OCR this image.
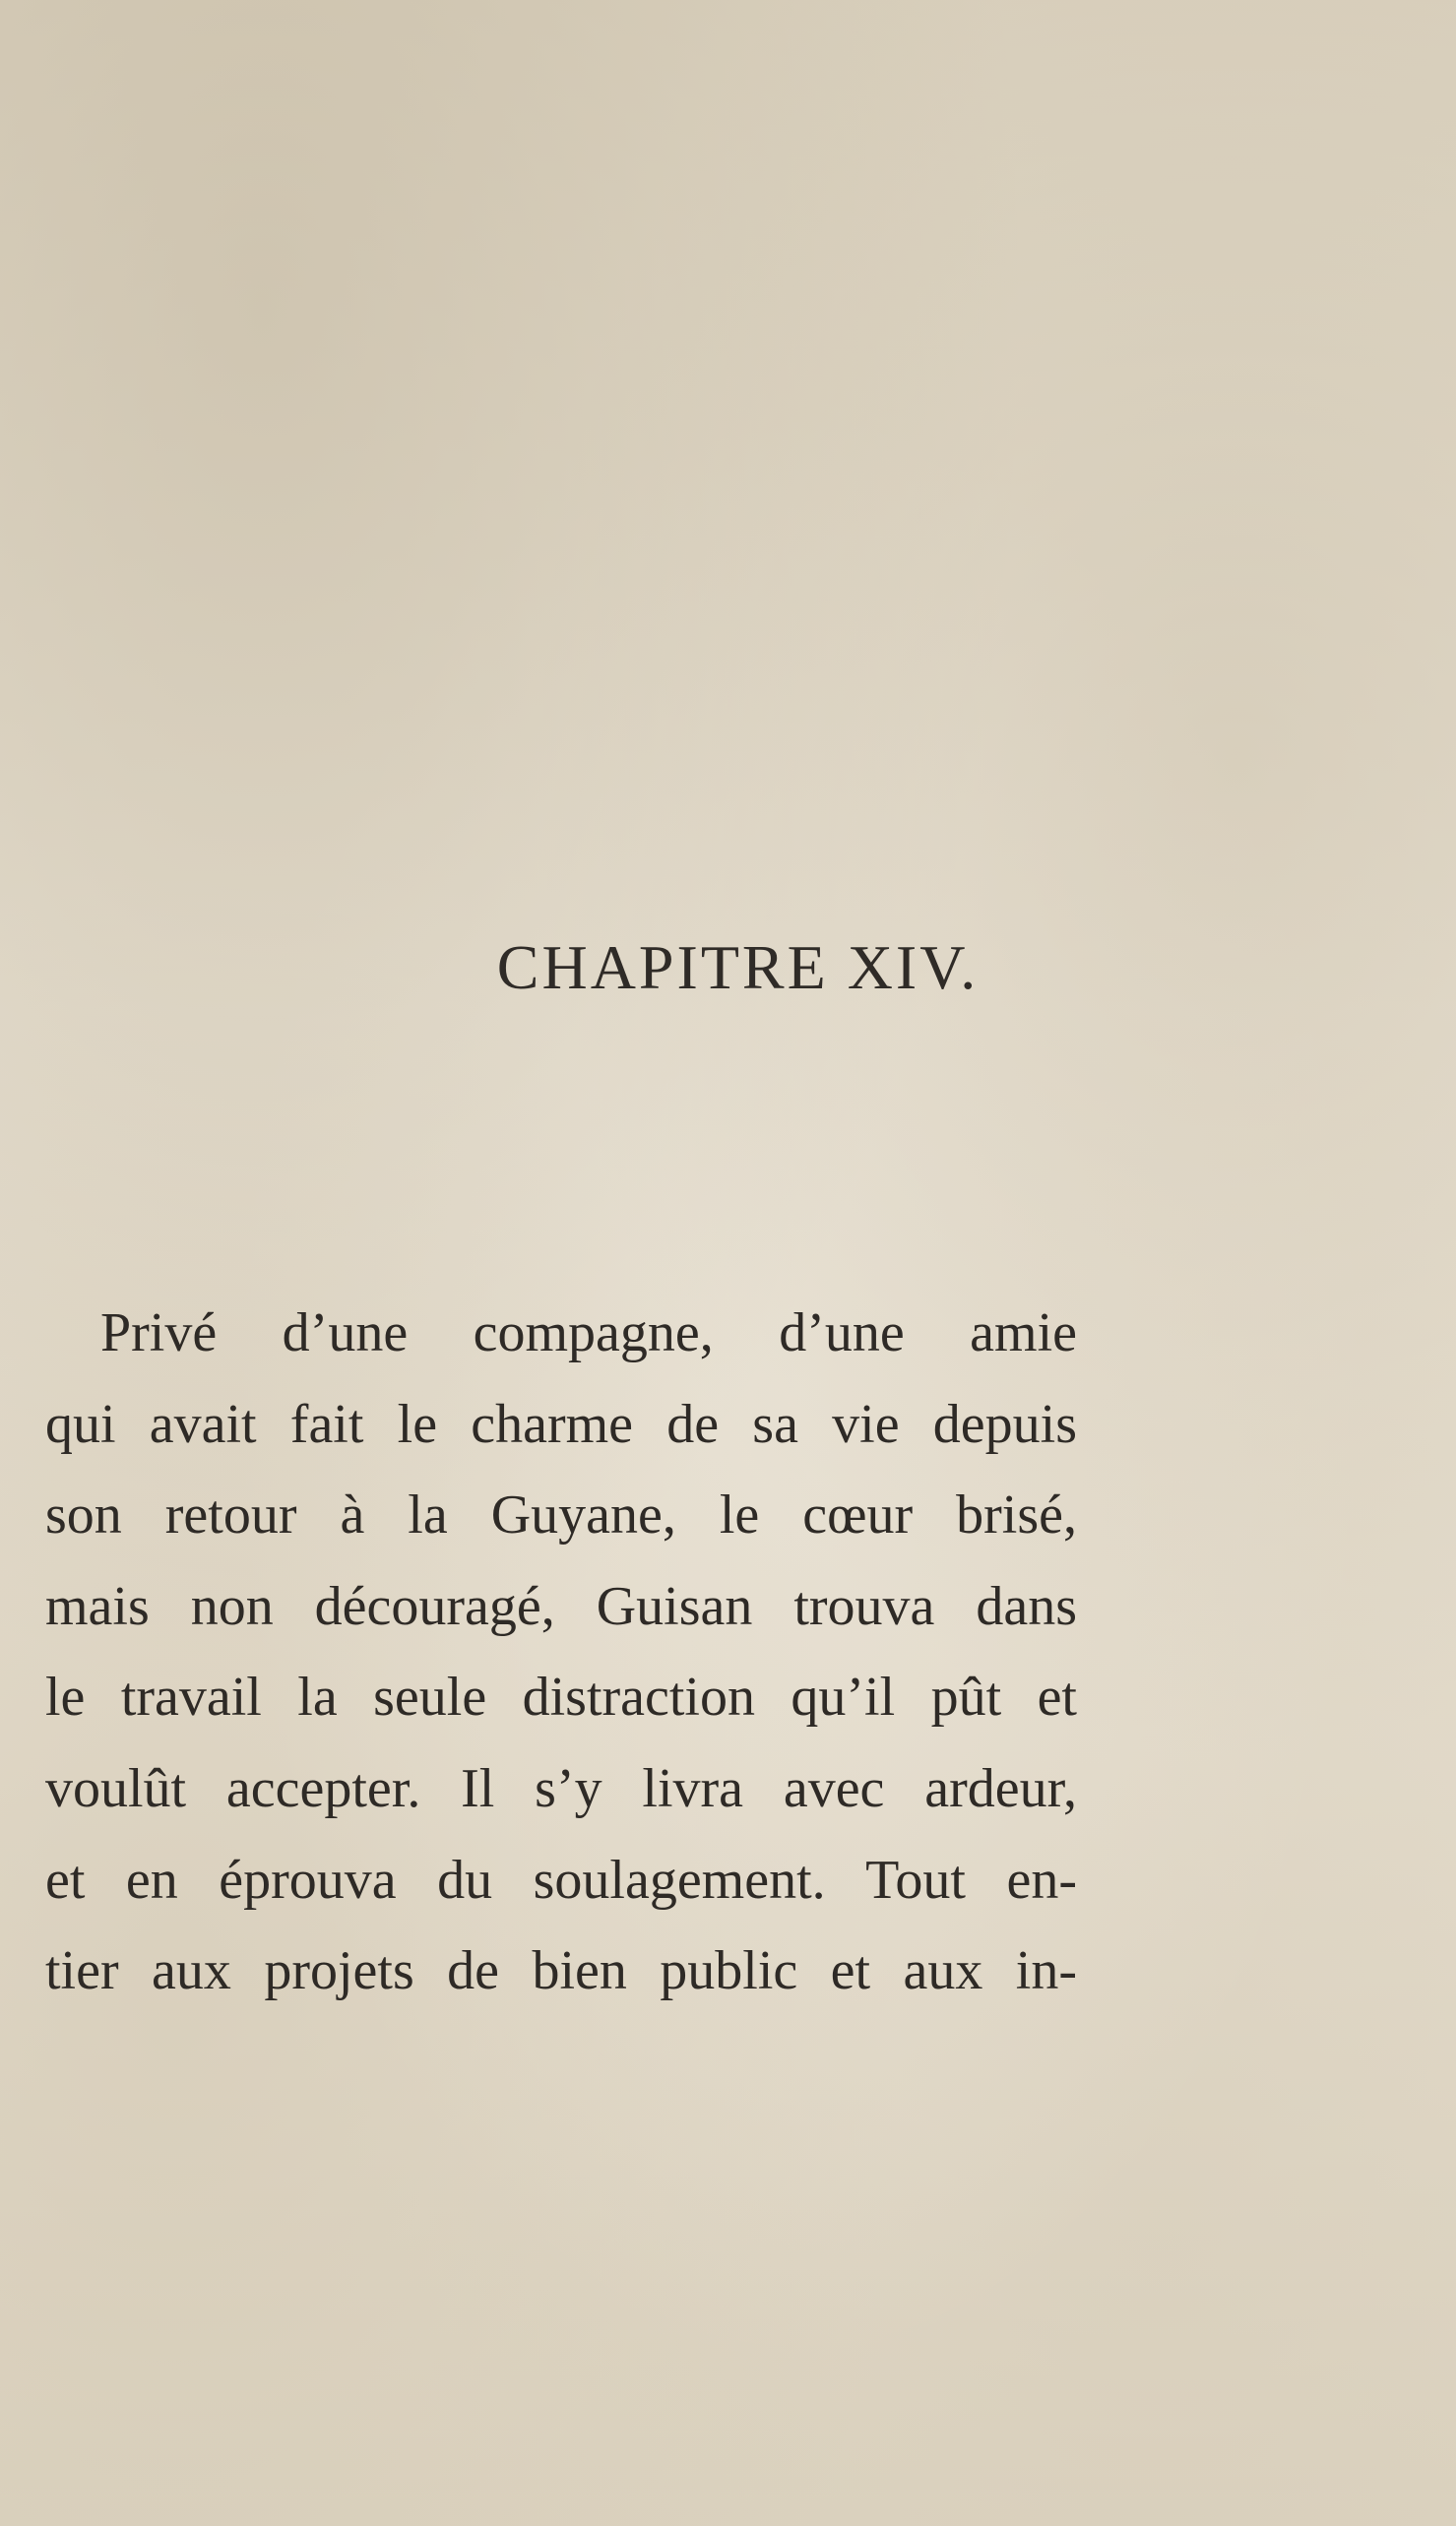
CHAPITRE XIV.
Privé d’une compagne, d’une amie
qui avait fait le charme de sa vie depuis
son retour à la Guyane, le cœur brisé,
mais non découragé, Guisan trouva dans
le travail la seule distraction qu’il pût et
voulût accepter. Il s’y livra avec ardeur,
et en éprouva du soulagement. Tout en-
tier aux projets de bien public et aux in-
